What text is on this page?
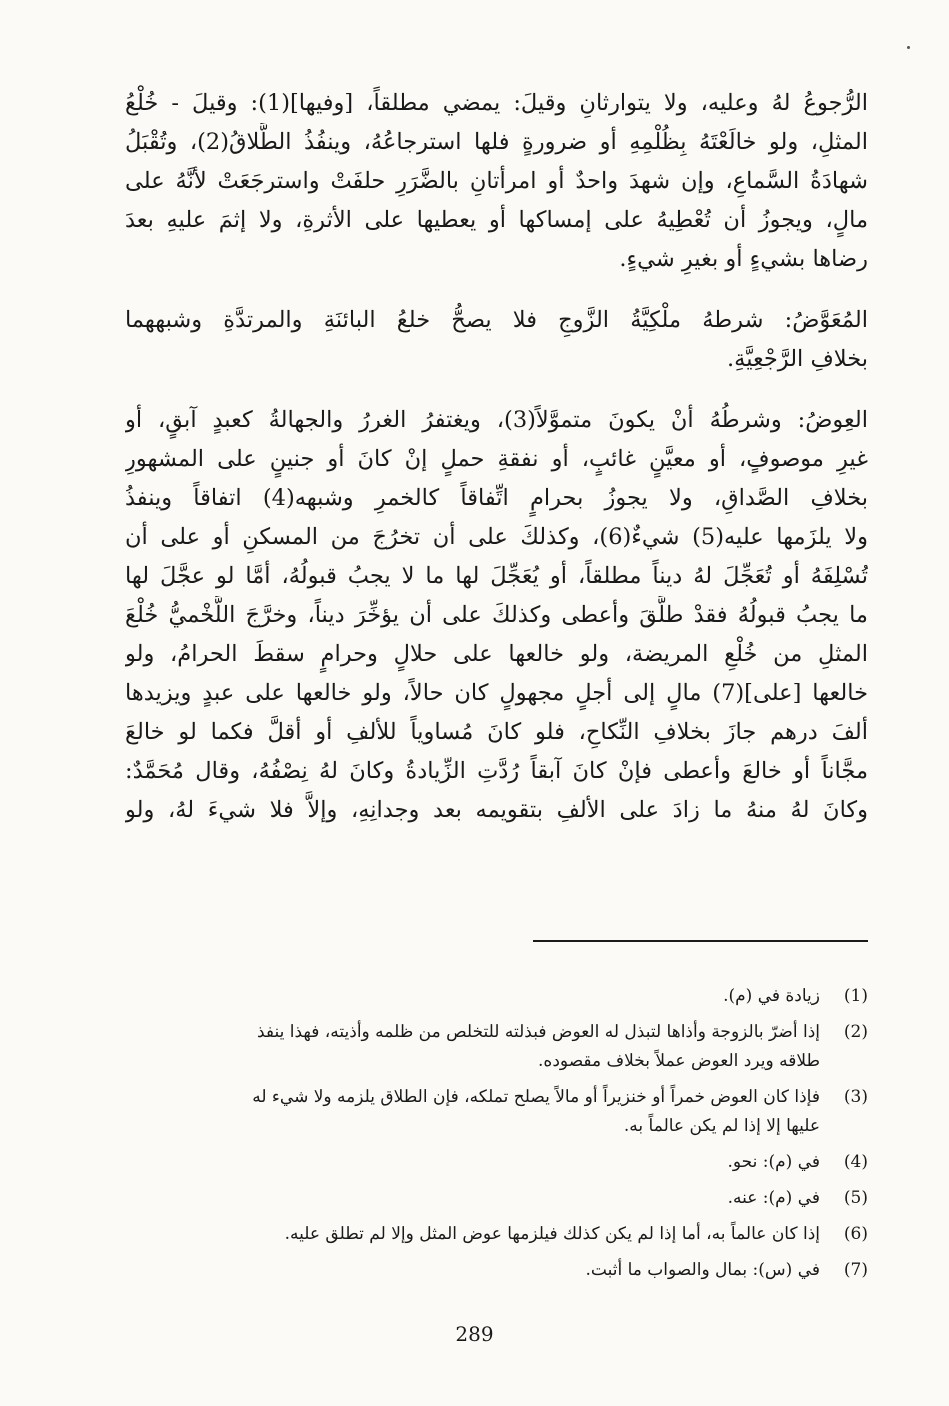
الرُّجوعُ لهُ وعليه، ولا يتوارثانِ وقيلَ: يمضي مطلقاً، [وفيها](1): وقيلَ - خُلْعُ
المثلِ، ولو خالَعْتَهُ بِظُلْمِهِ أو ضرورةٍ فلها استرجاعُهُ، وينفُذُ الطَّلاقُ(2)، وتُقْبَلُ
شهادَةُ السَّماعِ، وإن شهدَ واحدٌ أو امرأتانِ بالضَّرَرِ حلفَتْ واسترجَعَتْ لأنَّهُ على
مالٍ، ويجوزُ أن تُعْطِيهُ على إمساكها أو يعطيها على الأثرةِ، ولا إثمَ عليهِ بعدَ
رضاها بشيءٍ أو بغيرِ شيءٍ.

المُعَوَّضُ: شرطهُ ملْكِيَّةُ الزَّوجِ فلا يصحُّ خلعُ البائنَةِ والمرتدَّةِ وشبههما
بخلافِ الرَّجْعِيَّةِ.

العِوضُ: وشرطُهُ أنْ يكونَ متموَّلاً(3)، ويغتفرُ الغررُ والجهالةُ كعبدٍ آبقٍ، أو
غيرِ موصوفٍ، أو معيَّنٍ غائبٍ، أو نفقةِ حملٍ إنْ كانَ أو جنينٍ على المشهورِ
بخلافِ الصَّداقِ، ولا يجوزُ بحرامٍ اتِّفاقاً كالخمرِ وشبهه(4) اتفاقاً وينفذُ
ولا يلزَمها عليه(5) شيءٌ(6)، وكذلكَ على أن تخرُجَ من المسكنِ أو على أن
تُسْلِفَهُ أو تُعَجِّلَ لهُ ديناً مطلقاً، أو يُعَجِّلَ لها ما لا يجبُ قبولُهُ، أمَّا لو عجَّلَ لها
ما يجبُ قبولُهُ فقدْ طلَّقَ وأعطى وكذلكَ على أن يؤخِّرَ ديناً، وخرَّجَ اللَّخْميُّ خُلْعَ
المثلِ من خُلْعِ المريضة، ولو خالعها على حلالٍ وحرامٍ سقطَ الحرامُ، ولو
خالعها [على](7) مالٍ إلى أجلٍ مجهولٍ كان حالاً، ولو خالعها على عبدٍ ويزيدها
ألفَ درهم جازَ بخلافِ النِّكاحِ، فلو كانَ مُساوياً للألفِ أو أقلَّ فكما لو خالعَ
مجَّاناً أو خالعَ وأعطى فإنْ كانَ آبقاً رُدَّتِ الزِّيادةُ وكانَ لهُ نِصْفُهُ، وقال مُحَمَّدٌ:
وكانَ لهُ منهُ ما زادَ على الألفِ بتقويمه بعد وجدانِهِ، وإلاَّ فلا شيءَ لهُ، ولو

(1)
زيادة في (م).
(2)
إذا أضرّ بالزوجة وأذاها لتبذل له العوض فبذلته للتخلص من ظلمه وأذيته، فهذا ينفذ
طلاقه ويرد العوض عملاً بخلاف مقصوده.
(3)
فإذا كان العوض خمراً أو خنزيراً أو مالاً يصلح تملكه، فإن الطلاق يلزمه ولا شيء له
عليها إلا إذا لم يكن عالماً به.
(4)
في (م): نحو.
(5)
في (م): عنه.
(6)
إذا كان عالماً به، أما إذا لم يكن كذلك فيلزمها عوض المثل وإلا لم تطلق عليه.
(7)
في (س): بمال والصواب ما أثبت.
289
